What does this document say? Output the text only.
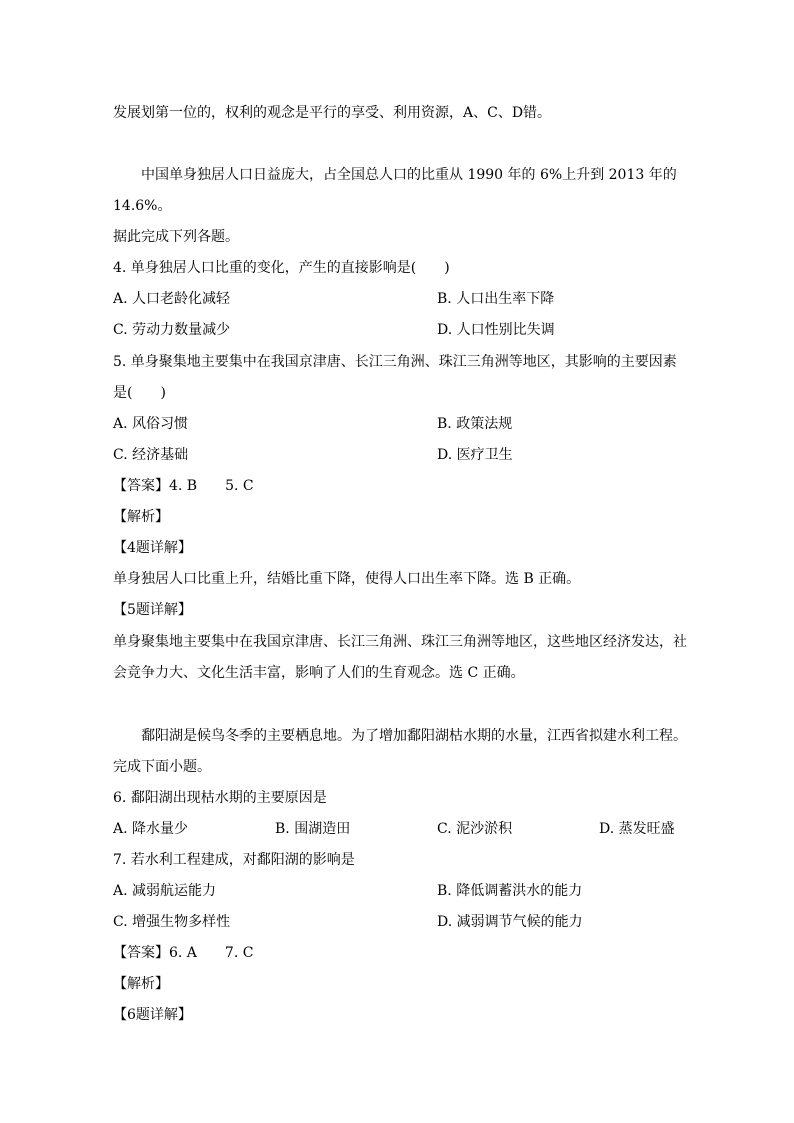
发展划第一位的，权利的观念是平行的享受、利用资源，A、C、D错。
中国单身独居人口日益庞大，占全国总人口的比重从 1990 年的 6%上升到 2013 年的
14.6%。
据此完成下列各题。
4. 单身独居人口比重的变化，产生的直接影响是(　　)
A. 人口老龄化减轻	B. 人口出生率下降
C. 劳动力数量减少	D. 人口性别比失调
5. 单身聚集地主要集中在我国京津唐、长江三角洲、珠江三角洲等地区，其影响的主要因素
是(　　)
A. 风俗习惯	B. 政策法规
C. 经济基础	D. 医疗卫生
【答案】4. B　　5. C
【解析】
【4题详解】
单身独居人口比重上升，结婚比重下降，使得人口出生率下降。选 B 正确。
【5题详解】
单身聚集地主要集中在我国京津唐、长江三角洲、珠江三角洲等地区，这些地区经济发达，社
会竞争力大、文化生活丰富，影响了人们的生育观念。选 C 正确。
鄱阳湖是候鸟冬季的主要栖息地。为了增加鄱阳湖枯水期的水量，江西省拟建水利工程。
完成下面小题。
6. 鄱阳湖出现枯水期的主要原因是
A. 降水量少	B. 围湖造田	C. 泥沙淤积	D. 蒸发旺盛
7. 若水利工程建成，对鄱阳湖的影响是
A. 减弱航运能力	B. 降低调蓄洪水的能力
C. 增强生物多样性	D. 减弱调节气候的能力
【答案】6. A　　7. C
【解析】
【6题详解】
